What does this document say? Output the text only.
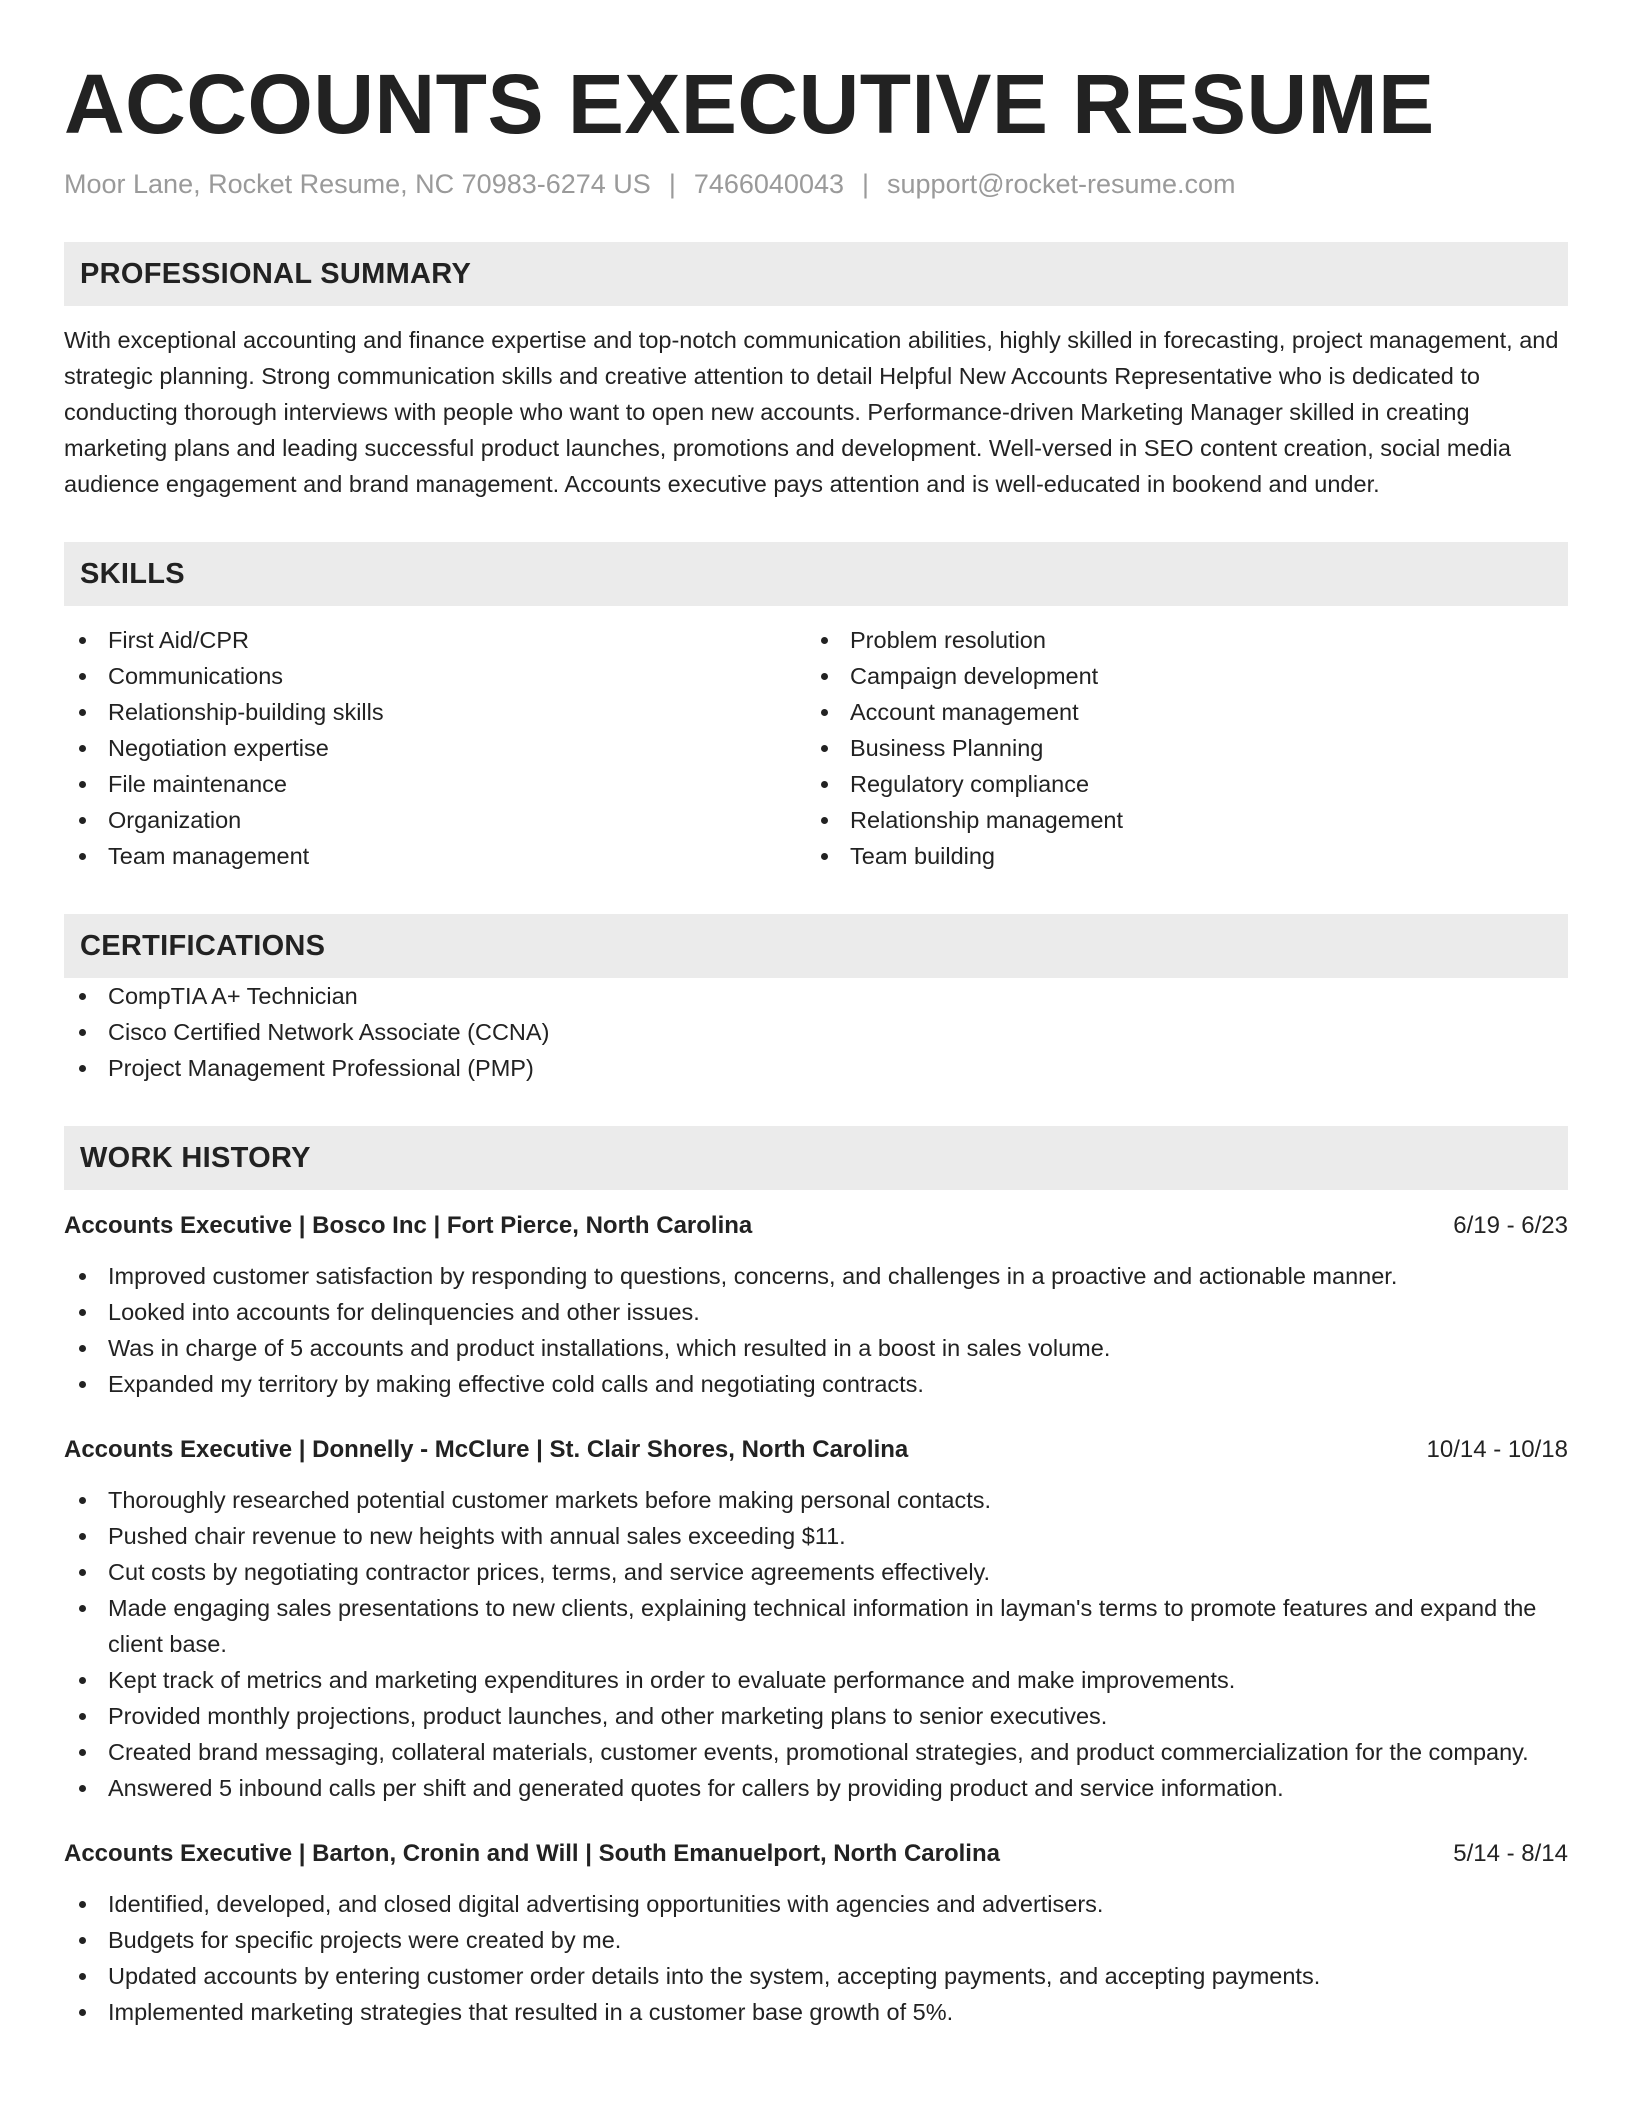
ACCOUNTS EXECUTIVE RESUME
Moor Lane, Rocket Resume, NC 70983-6274 US | 7466040043 | support@rocket-resume.com
PROFESSIONAL SUMMARY

With exceptional accounting and finance expertise and top-notch communication abilities, highly skilled in forecasting, project management, and strategic planning. Strong communication skills and creative attention to detail Helpful New Accounts Representative who is dedicated to conducting thorough interviews with people who want to open new accounts. Performance-driven Marketing Manager skilled in creating marketing plans and leading successful product launches, promotions and development. Well-versed in SEO content creation, social media audience engagement and brand management. Accounts executive pays attention and is well-educated in bookend and under.

SKILLS
First Aid/CPR
Communications
Relationship-building skills
Negotiation expertise
File maintenance
Organization
Team management
Problem resolution
Campaign development
Account management
Business Planning
Regulatory compliance
Relationship management
Team building
CERTIFICATIONS
CompTIA A+ Technician
Cisco Certified Network Associate (CCNA)
Project Management Professional (PMP)
WORK HISTORY
Accounts Executive | Bosco Inc | Fort Pierce, North Carolina	6/19 - 6/23
Improved customer satisfaction by responding to questions, concerns, and challenges in a proactive and actionable manner.
Looked into accounts for delinquencies and other issues.
Was in charge of 5 accounts and product installations, which resulted in a boost in sales volume.
Expanded my territory by making effective cold calls and negotiating contracts.
Accounts Executive | Donnelly - McClure | St. Clair Shores, North Carolina	10/14 - 10/18
Thoroughly researched potential customer markets before making personal contacts.
Pushed chair revenue to new heights with annual sales exceeding $11.
Cut costs by negotiating contractor prices, terms, and service agreements effectively.
Made engaging sales presentations to new clients, explaining technical information in layman's terms to promote features and expand the client base.
Kept track of metrics and marketing expenditures in order to evaluate performance and make improvements.
Provided monthly projections, product launches, and other marketing plans to senior executives.
Created brand messaging, collateral materials, customer events, promotional strategies, and product commercialization for the company.
Answered 5 inbound calls per shift and generated quotes for callers by providing product and service information.
Accounts Executive | Barton, Cronin and Will | South Emanuelport, North Carolina	5/14 - 8/14
Identified, developed, and closed digital advertising opportunities with agencies and advertisers.
Budgets for specific projects were created by me.
Updated accounts by entering customer order details into the system, accepting payments, and accepting payments.
Implemented marketing strategies that resulted in a customer base growth of 5%.
